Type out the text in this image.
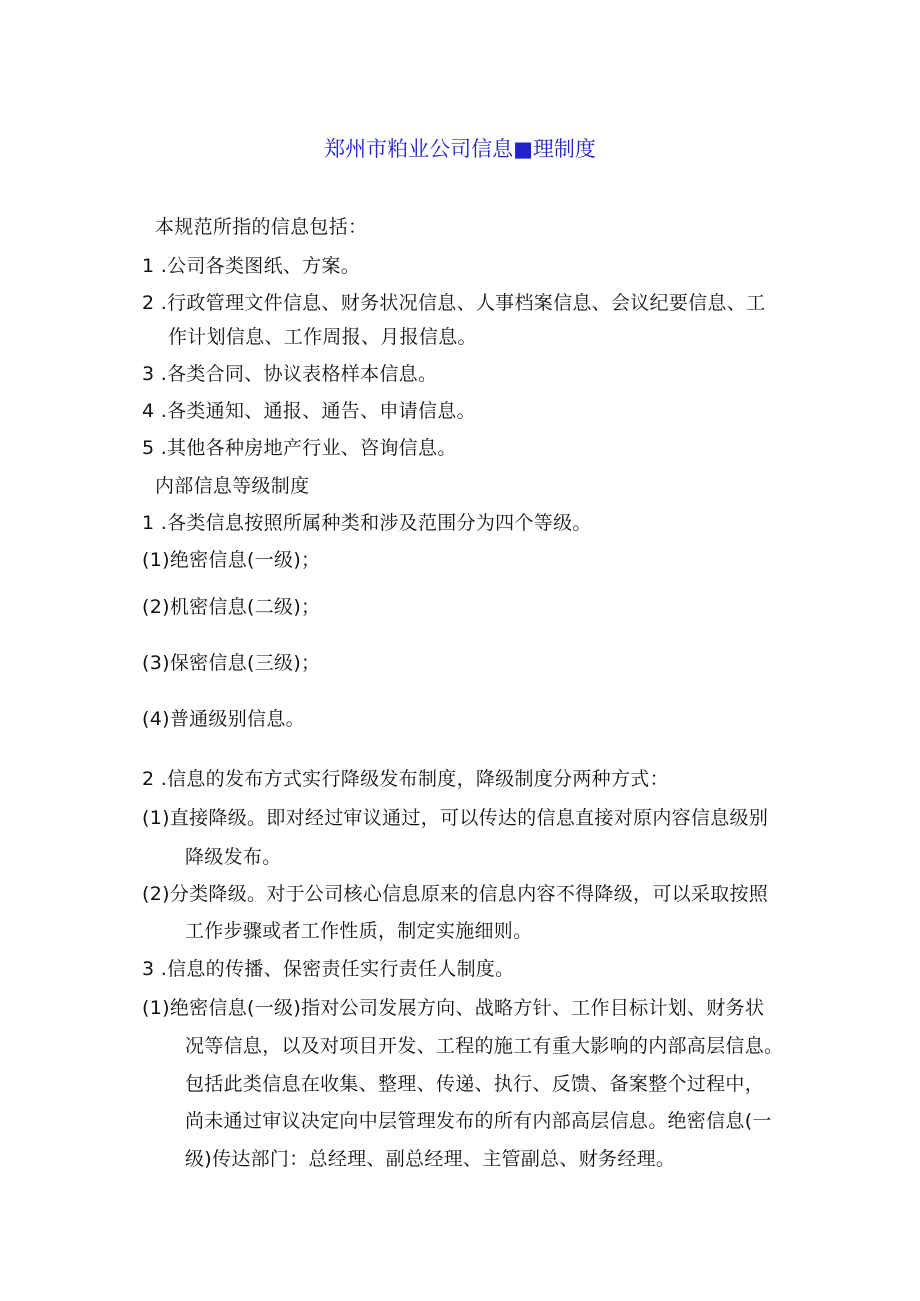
郑州市粕业公司信息■理制度
本规范所指的信息包括：
1 .公司各类图纸、方案。
2 .行政管理文件信息、财务状况信息、人事档案信息、会议纪要信息、工
作计划信息、工作周报、月报信息。
3 .各类合同、协议表格样本信息。
4 .各类通知、通报、通告、申请信息。
5 .其他各种房地产行业、咨询信息。
内部信息等级制度
1 .各类信息按照所属种类和涉及范围分为四个等级。
(1)绝密信息(一级)；
(2)机密信息(二级)；
(3)保密信息(三级)；
(4)普通级别信息。
2 .信息的发布方式实行降级发布制度，降级制度分两种方式：
(1)直接降级。即对经过审议通过，可以传达的信息直接对原内容信息级别
降级发布。
(2)分类降级。对于公司核心信息原来的信息内容不得降级，可以采取按照
工作步骤或者工作性质，制定实施细则。
3 .信息的传播、保密责任实行责任人制度。
(1)绝密信息(一级)指对公司发展方向、战略方针、工作目标计划、财务状
况等信息，以及对项目开发、工程的施工有重大影响的内部高层信息。
包括此类信息在收集、整理、传递、执行、反馈、备案整个过程中，
尚未通过审议决定向中层管理发布的所有内部高层信息。绝密信息(一
级)传达部门：总经理、副总经理、主管副总、财务经理。
